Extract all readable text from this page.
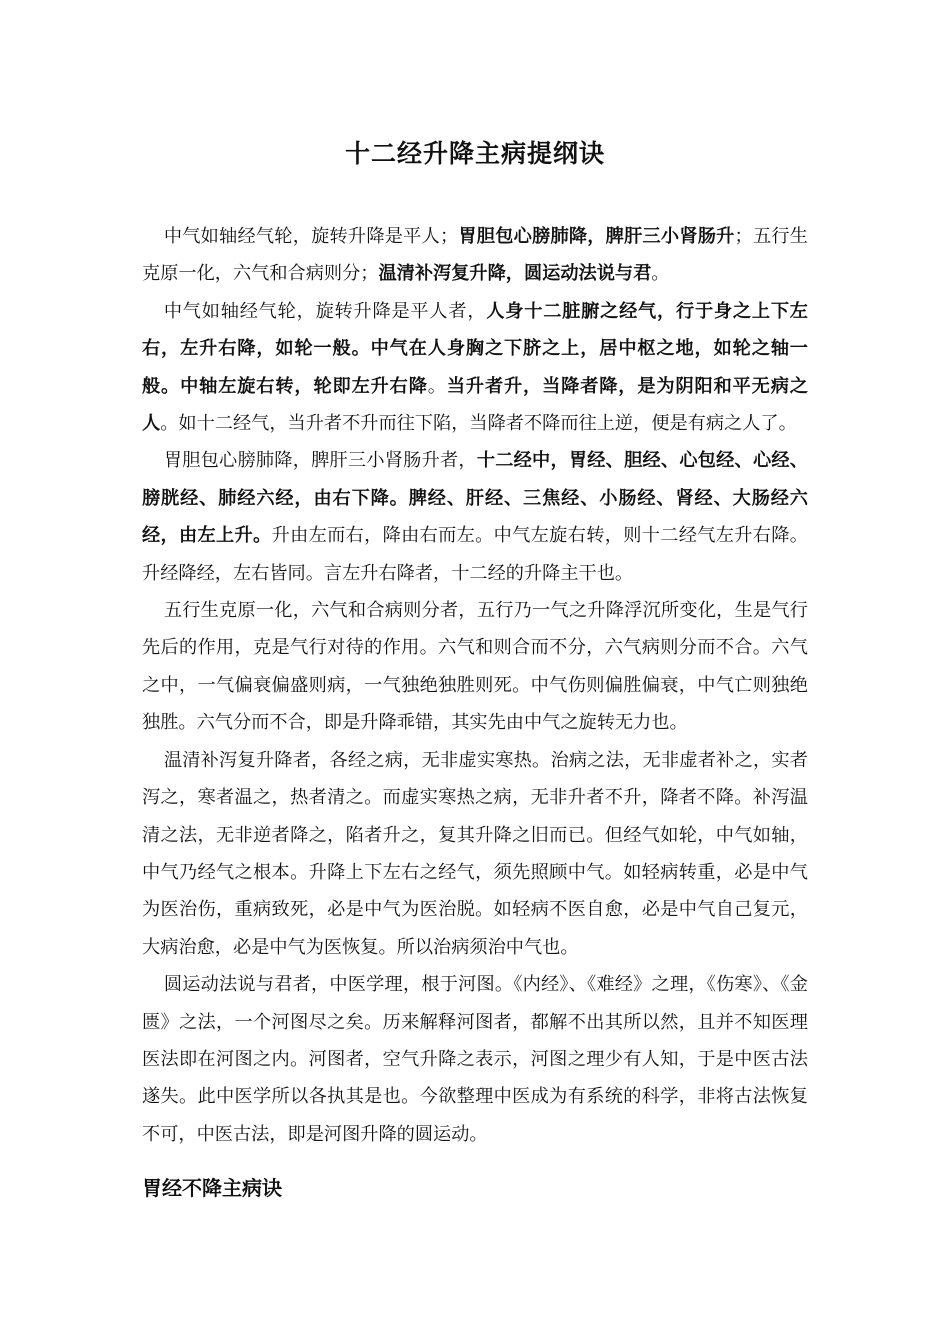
十二经升降主病提纲诀

中气如轴经气轮，旋转升降是平人；胃胆包心膀肺降，脾肝三小肾肠升；五行生克原一化，六气和合病则分；温清补泻复升降，圆运动法说与君。

中气如轴经气轮，旋转升降是平人者，人身十二脏腑之经气，行于身之上下左右，左升右降，如轮一般。中气在人身胸之下脐之上，居中枢之地，如轮之轴一般。中轴左旋右转，轮即左升右降。当升者升，当降者降，是为阴阳和平无病之人。如十二经气，当升者不升而往下陷，当降者不降而往上逆，便是有病之人了。

胃胆包心膀肺降，脾肝三小肾肠升者，十二经中，胃经、胆经、心包经、心经、膀胱经、肺经六经，由右下降。脾经、肝经、三焦经、小肠经、肾经、大肠经六经，由左上升。升由左而右，降由右而左。中气左旋右转，则十二经气左升右降。升经降经，左右皆同。言左升右降者，十二经的升降主干也。

五行生克原一化，六气和合病则分者，五行乃一气之升降浮沉所变化，生是气行先后的作用，克是气行对待的作用。六气和则合而不分，六气病则分而不合。六气之中，一气偏衰偏盛则病，一气独绝独胜则死。中气伤则偏胜偏衰，中气亡则独绝独胜。六气分而不合，即是升降乖错，其实先由中气之旋转无力也。

温清补泻复升降者，各经之病，无非虚实寒热。治病之法，无非虚者补之，实者泻之，寒者温之，热者清之。而虚实寒热之病，无非升者不升，降者不降。补泻温清之法，无非逆者降之，陷者升之，复其升降之旧而已。但经气如轮，中气如轴，中气乃经气之根本。升降上下左右之经气，须先照顾中气。如轻病转重，必是中气为医治伤，重病致死，必是中气为医治脱。如轻病不医自愈，必是中气自己复元，大病治愈，必是中气为医恢复。所以治病须治中气也。

圆运动法说与君者，中医学理，根于河图。《内经》、《难经》之理，《伤寒》、《金匮》之法，一个河图尽之矣。历来解释河图者，都解不出其所以然，且并不知医理医法即在河图之内。河图者，空气升降之表示，河图之理少有人知，于是中医古法遂失。此中医学所以各执其是也。今欲整理中医成为有系统的科学，非将古法恢复不可，中医古法，即是河图升降的圆运动。

胃经不降主病诀
